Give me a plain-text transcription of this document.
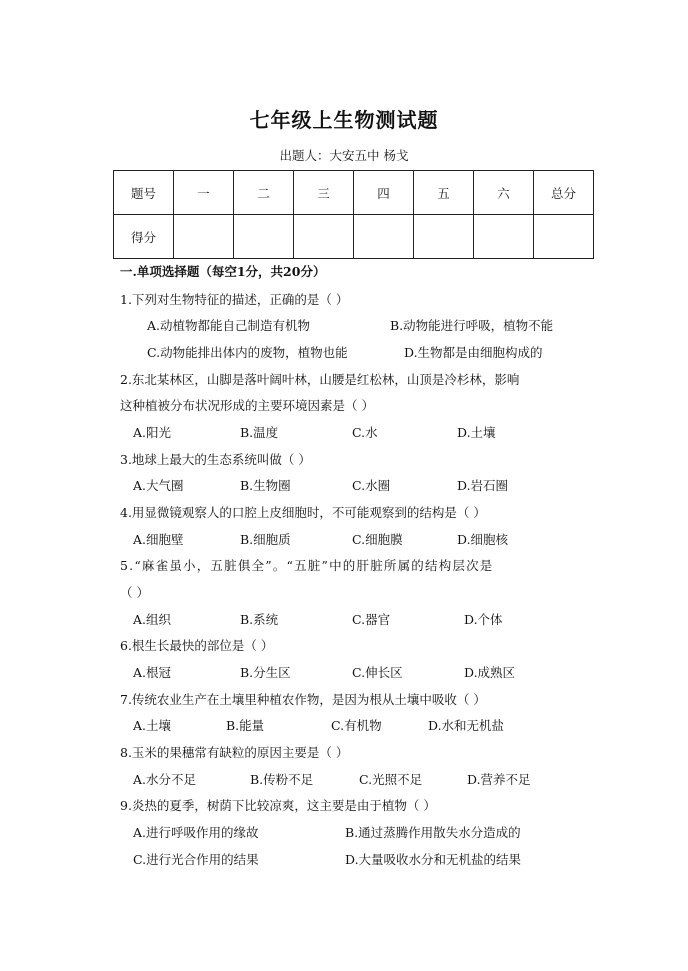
七年级上生物测试题
出题人：大安五中 杨戈
题号	一	二	三	四	五	六	总分
得分							
一.单项选择题（每空1分，共20分）
1.下列对生物特征的描述，正确的是（ ）
A.动植物都能自己制造有机物	B.动物能进行呼吸，植物不能
C.动物能排出体内的废物，植物也能	D.生物都是由细胞构成的
2.东北某林区，山脚是落叶阔叶林，山腰是红松林，山顶是冷杉林，影响
这种植被分布状况形成的主要环境因素是（ ）
A.阳光	B.温度	C.水	D.土壤
3.地球上最大的生态系统叫做（ ）
A.大气圈	B.生物圈	C.水圈	D.岩石圈
4.用显微镜观察人的口腔上皮细胞时，不可能观察到的结构是（ ）
A.细胞壁	B.细胞质	C.细胞膜	D.细胞核
5.“麻雀虽小，五脏俱全”。“五脏”中的肝脏所属的结构层次是
（ ）
A.组织	B.系统	C.器官	D.个体
6.根生长最快的部位是（ ）
A.根冠	B.分生区	C.伸长区	D.成熟区
7.传统农业生产在土壤里种植农作物，是因为根从土壤中吸收（ ）
A.土壤	B.能量	C.有机物	D.水和无机盐
8.玉米的果穗常有缺粒的原因主要是（ ）
A.水分不足	B.传粉不足	C.光照不足	D.营养不足
9.炎热的夏季，树荫下比较凉爽，这主要是由于植物（ ）
A.进行呼吸作用的缘故	B.通过蒸腾作用散失水分造成的
C.进行光合作用的结果	D.大量吸收水分和无机盐的结果
